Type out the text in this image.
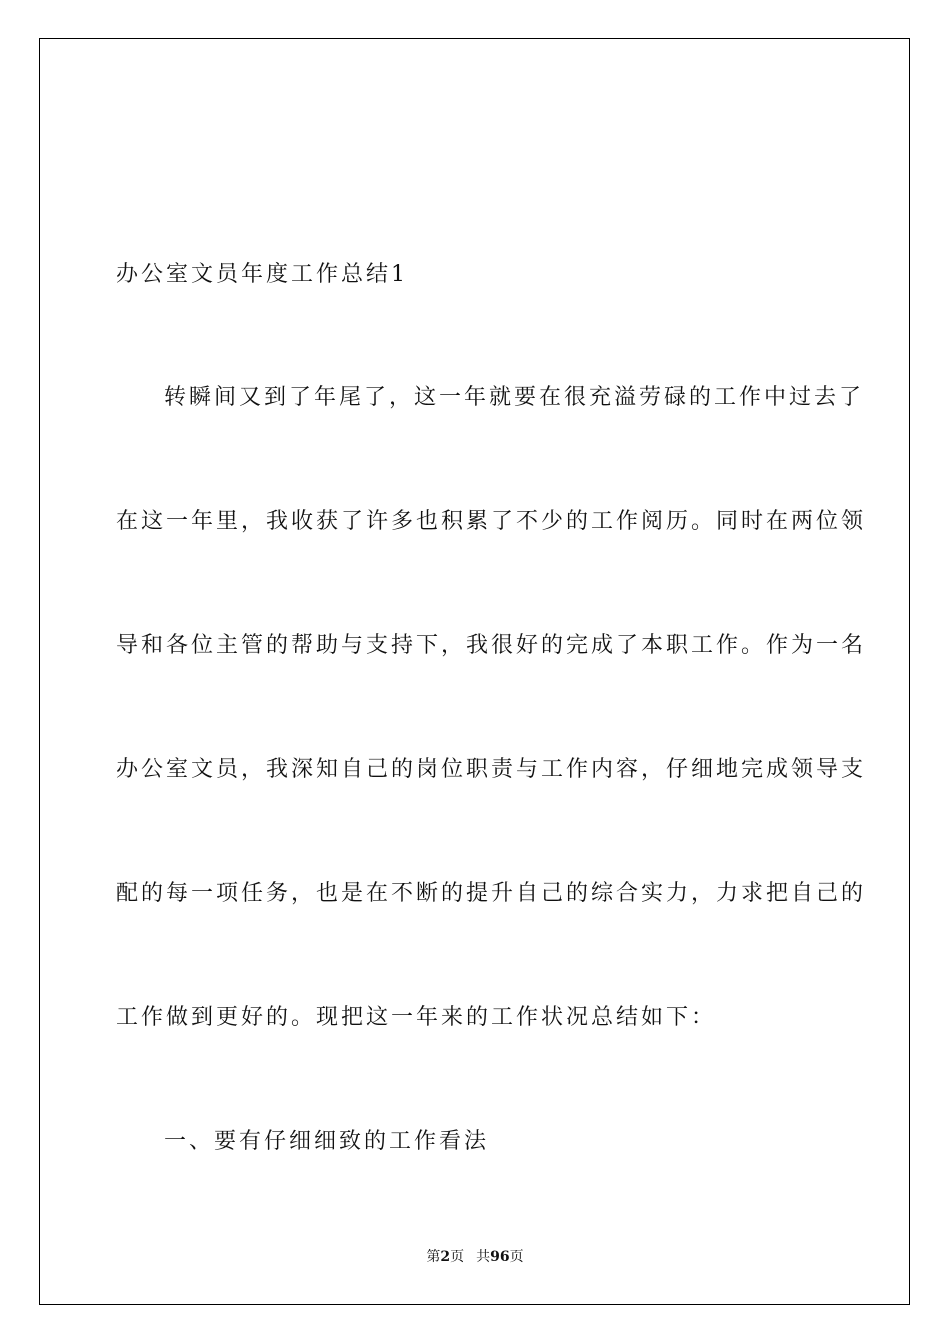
办公室文员年度工作总结1

转瞬间又到了年尾了，这一年就要在很充溢劳碌的工作中过去了

在这一年里，我收获了许多也积累了不少的工作阅历。同时在两位领

导和各位主管的帮助与支持下，我很好的完成了本职工作。作为一名

办公室文员，我深知自己的岗位职责与工作内容，仔细地完成领导支

配的每一项任务，也是在不断的提升自己的综合实力，力求把自己的

工作做到更好的。现把这一年来的工作状况总结如下：

一、要有仔细细致的工作看法

第2页 共96页
